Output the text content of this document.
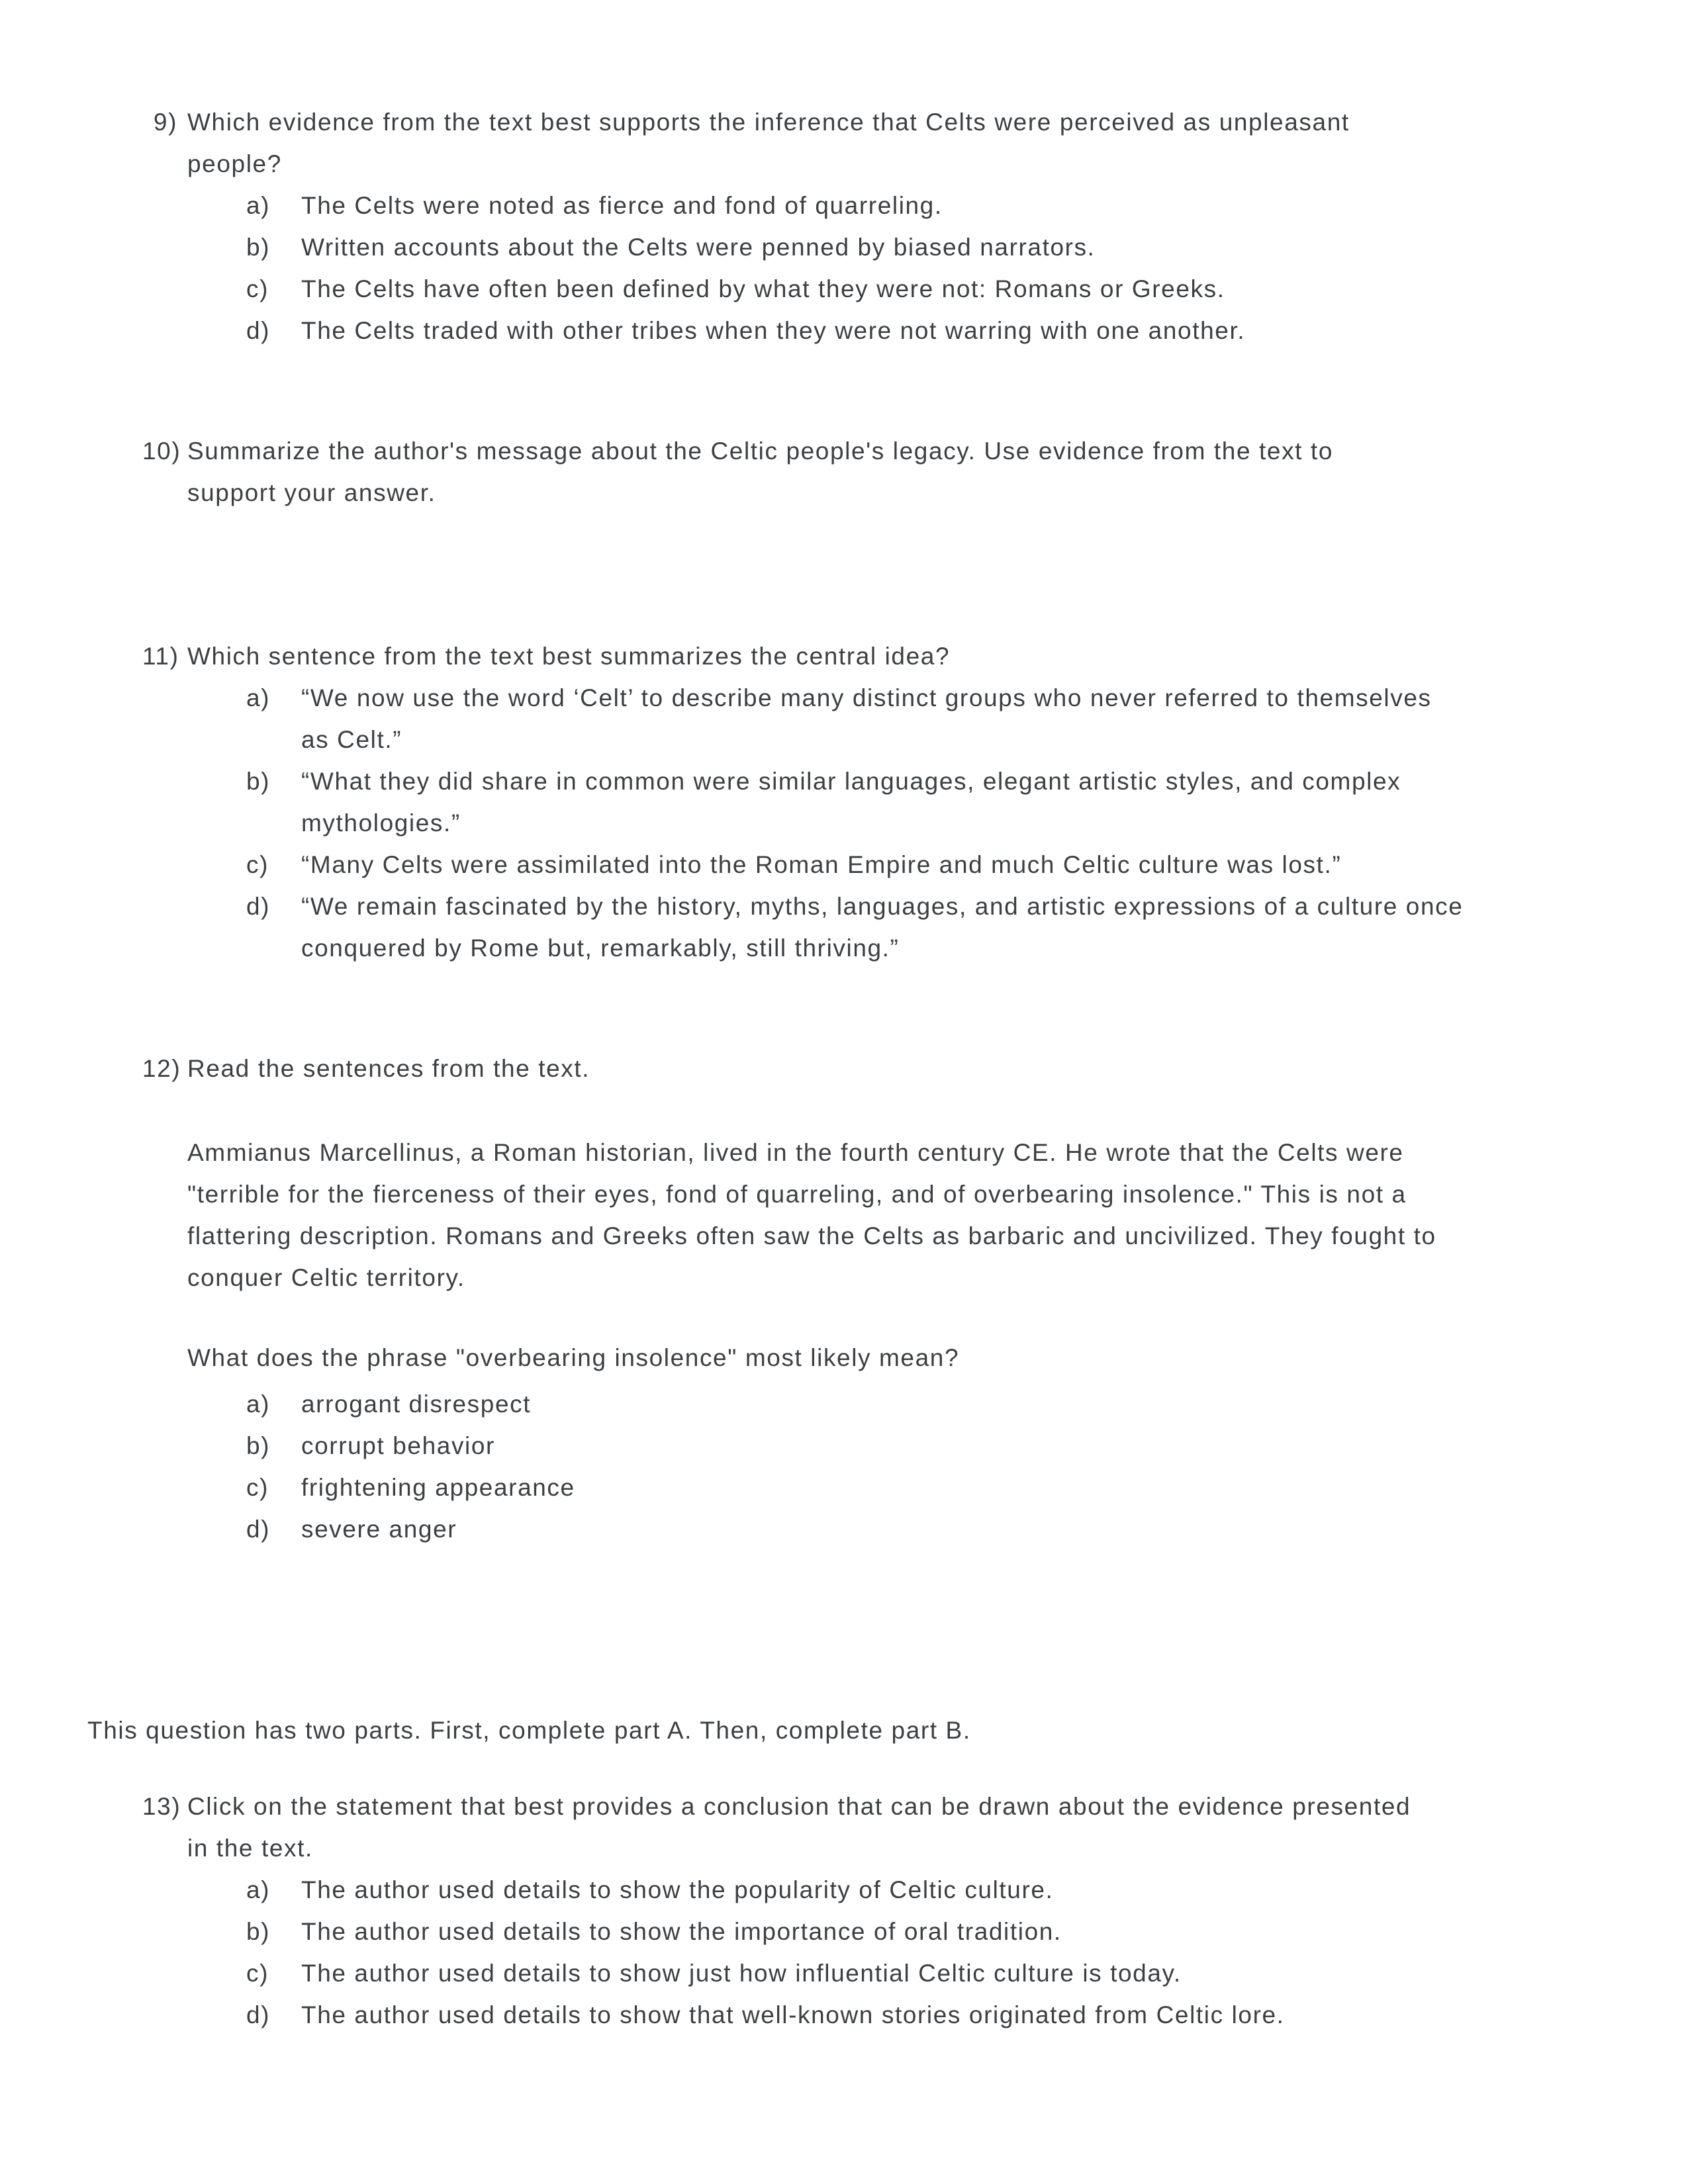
9) Which evidence from the text best supports the inference that Celts were perceived as unpleasant
people?
a)	The Celts were noted as fierce and fond of quarreling.
b)	Written accounts about the Celts were penned by biased narrators.
c)	The Celts have often been defined by what they were not: Romans or Greeks.
d)	The Celts traded with other tribes when they were not warring with one another.
10) Summarize the author's message about the Celtic people's legacy. Use evidence from the text to
support your answer.
11) Which sentence from the text best summarizes the central idea?
a)	“We now use the word ‘Celt’ to describe many distinct groups who never referred to themselves
as Celt.”
b)	“What they did share in common were similar languages, elegant artistic styles, and complex
mythologies.”
c)	“Many Celts were assimilated into the Roman Empire and much Celtic culture was lost.”
d)	“We remain fascinated by the history, myths, languages, and artistic expressions of a culture once
conquered by Rome but, remarkably, still thriving.”
12) Read the sentences from the text.
Ammianus Marcellinus, a Roman historian, lived in the fourth century CE. He wrote that the Celts were
"terrible for the fierceness of their eyes, fond of quarreling, and of overbearing insolence." This is not a
flattering description. Romans and Greeks often saw the Celts as barbaric and uncivilized. They fought to
conquer Celtic territory.
What does the phrase "overbearing insolence" most likely mean?
a)	arrogant disrespect
b)	corrupt behavior
c)	frightening appearance
d)	severe anger
This question has two parts. First, complete part A. Then, complete part B.
13) Click on the statement that best provides a conclusion that can be drawn about the evidence presented
in the text.
a)	The author used details to show the popularity of Celtic culture.
b)	The author used details to show the importance of oral tradition.
c)	The author used details to show just how influential Celtic culture is today.
d)	The author used details to show that well-known stories originated from Celtic lore.
